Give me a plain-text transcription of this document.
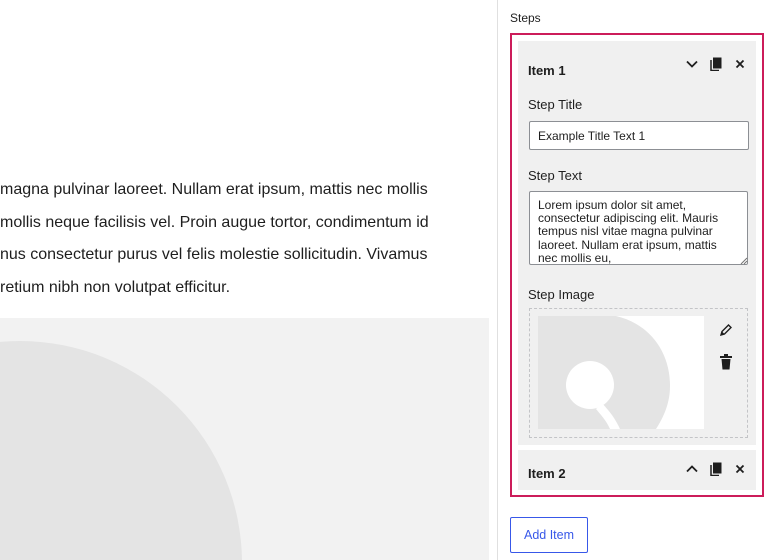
magna pulvinar laoreet. Nullam erat ipsum, mattis nec mollis

mollis neque facilisis vel. Proin augue tortor, condimentum id

nus consectetur purus vel felis molestie sollicitudin. Vivamus

retium nibh non volutpat efficitur.

Steps
Item 1
Step Title
Example Title Text 1
Step Text
Lorem ipsum dolor sit amet, consectetur adipiscing elit. Mauris tempus nisl vitae magna pulvinar laoreet. Nullam erat ipsum, mattis nec mollis eu,
Step Image
Item 2
Add Item
